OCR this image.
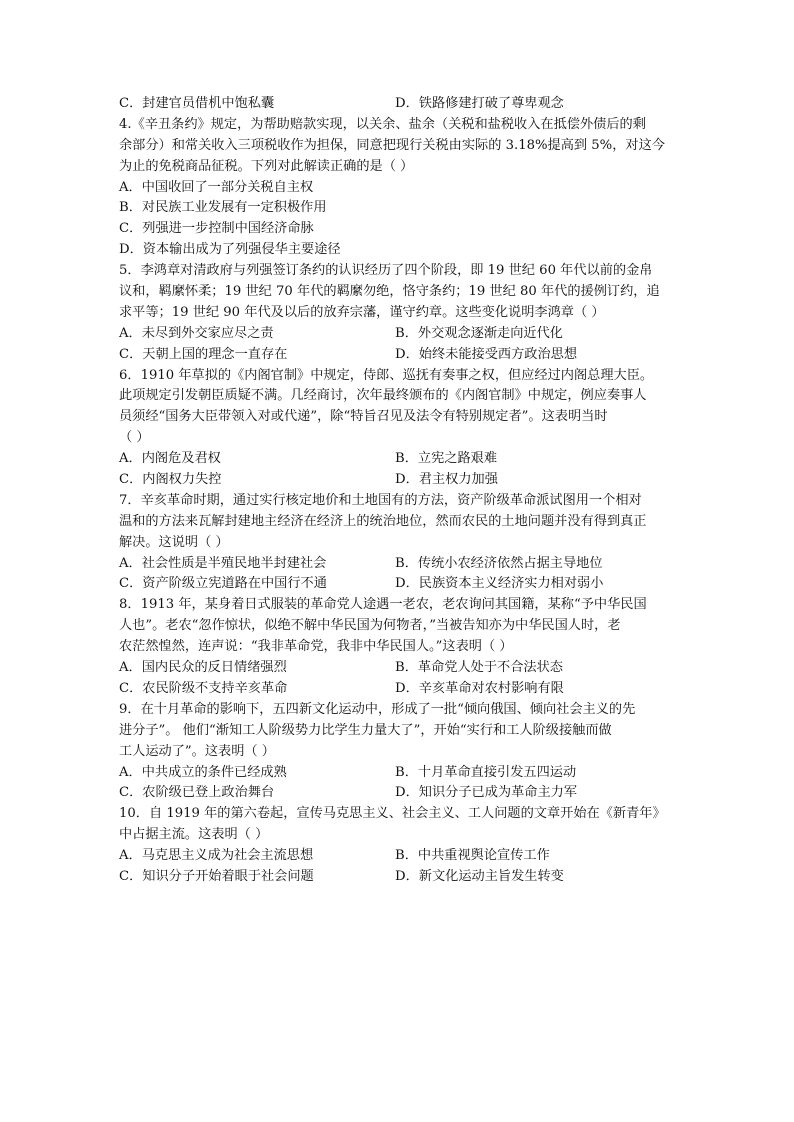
C．封建官员借机中饱私囊	D．铁路修建打破了尊卑观念
4.《辛丑条约》规定，为帮助赔款实现，以关余、盐余（关税和盐税收入在抵偿外债后的剩
余部分）和常关收入三项税收作为担保，同意把现行关税由实际的 3.18%提高到 5%，对这今
为止的免税商品征税。下列对此解读正确的是（ ）
A．中国收回了一部分关税自主权
B．对民族工业发展有一定积极作用
C．列强进一步控制中国经济命脉
D．资本输出成为了列强侵华主要途径
5．李鸿章对清政府与列强签订条约的认识经历了四个阶段，即 19 世纪 60 年代以前的金帛
议和，羁縻怀柔；19 世纪 70 年代的羁縻勿绝，恪守条约；19 世纪 80 年代的援例订约，追
求平等；19 世纪 90 年代及以后的放弃宗藩，谨守约章。这些变化说明李鸿章（ ）
A．未尽到外交家应尽之责	B．外交观念逐渐走向近代化
C．天朝上国的理念一直存在	D．始终未能接受西方政治思想
6．1910 年草拟的《内阁官制》中规定，侍郎、巡抚有奏事之权，但应经过内阁总理大臣。
此项规定引发朝臣质疑不满。几经商讨，次年最终颁布的《内阁官制》中规定，例应奏事人
员须经“国务大臣带领入对或代递”，除“特旨召见及法令有特别规定者”。这表明当时
（ ）
A．内阁危及君权	B．立宪之路艰难
C．内阁权力失控	D．君主权力加强
7．辛亥革命时期，通过实行核定地价和土地国有的方法，资产阶级革命派试图用一个相对
温和的方法来瓦解封建地主经济在经济上的统治地位，然而农民的土地问题并没有得到真正
解决。这说明（ ）
A．社会性质是半殖民地半封建社会	B．传统小农经济依然占据主导地位
C．资产阶级立宪道路在中国行不通	D．民族资本主义经济实力相对弱小
8．1913 年，某身着日式服装的革命党人途遇一老农，老农询问其国籍，某称“予中华民国
人也”。老农“忽作惊状，似绝不解中华民国为何物者，”当被告知亦为中华民国人时，老
农茫然惶然，连声说：“我非革命党，我非中华民国人。”这表明（ ）
A．国内民众的反日情绪强烈	B．革命党人处于不合法状态
C．农民阶级不支持辛亥革命	D．辛亥革命对农村影响有限
9．在十月革命的影响下，五四新文化运动中，形成了一批“倾向俄国、倾向社会主义的先
进分子”。 他们“渐知工人阶级势力比学生力量大了”，开始“实行和工人阶级接触而做
工人运动了”。这表明（ ）
A．中共成立的条件已经成熟	B．十月革命直接引发五四运动
C．农阶级已登上政治舞台	D．知识分子已成为革命主力军
10．自 1919 年的第六卷起，宣传马克思主义、社会主义、工人问题的文章开始在《新青年》
中占据主流。这表明（ ）
A．马克思主义成为社会主流思想	B．中共重视舆论宣传工作
C．知识分子开始着眼于社会问题	D．新文化运动主旨发生转变
